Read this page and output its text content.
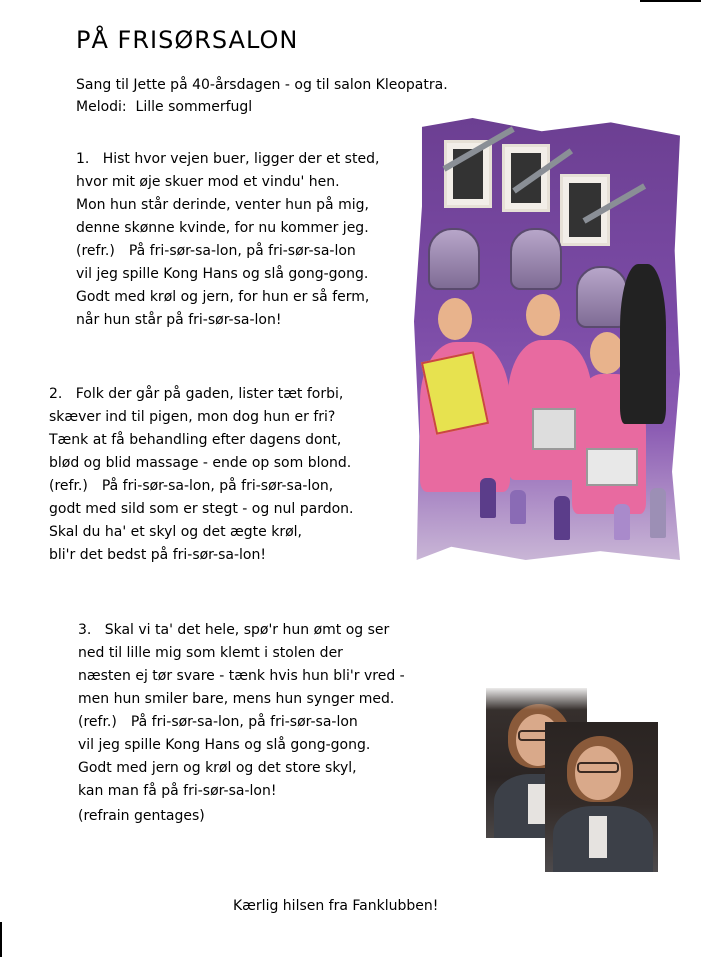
PÅ FRISØRSALON
Sang til Jette på 40-årsdagen - og til salon Kleopatra.
Melodi: Lille sommerfugl
1. Hist hvor vejen buer, ligger der et sted,
hvor mit øje skuer mod et vindu' hen.
Mon hun står derinde, venter hun på mig,
denne skønne kvinde, for nu kommer jeg.
(refr.) På fri-sør-sa-lon, på fri-sør-sa-lon
vil jeg spille Kong Hans og slå gong-gong.
Godt med krøl og jern, for hun er så ferm,
når hun står på fri-sør-sa-lon!
2. Folk der går på gaden, lister tæt forbi,
skæver ind til pigen, mon dog hun er fri?
Tænk at få behandling efter dagens dont,
blød og blid massage - ende op som blond.
(refr.) På fri-sør-sa-lon, på fri-sør-sa-lon,
godt med sild som er stegt - og nul pardon.
Skal du ha' et skyl og det ægte krøl,
bli'r det bedst på fri-sør-sa-lon!
3. Skal vi ta' det hele, spø'r hun ømt og ser
ned til lille mig som klemt i stolen der
næsten ej tør svare - tænk hvis hun bli'r vred -
men hun smiler bare, mens hun synger med.
(refr.) På fri-sør-sa-lon, på fri-sør-sa-lon
vil jeg spille Kong Hans og slå gong-gong.
Godt med jern og krøl og det store skyl,
kan man få på fri-sør-sa-lon!
(refrain gentages)
Kærlig hilsen fra Fanklubben!
